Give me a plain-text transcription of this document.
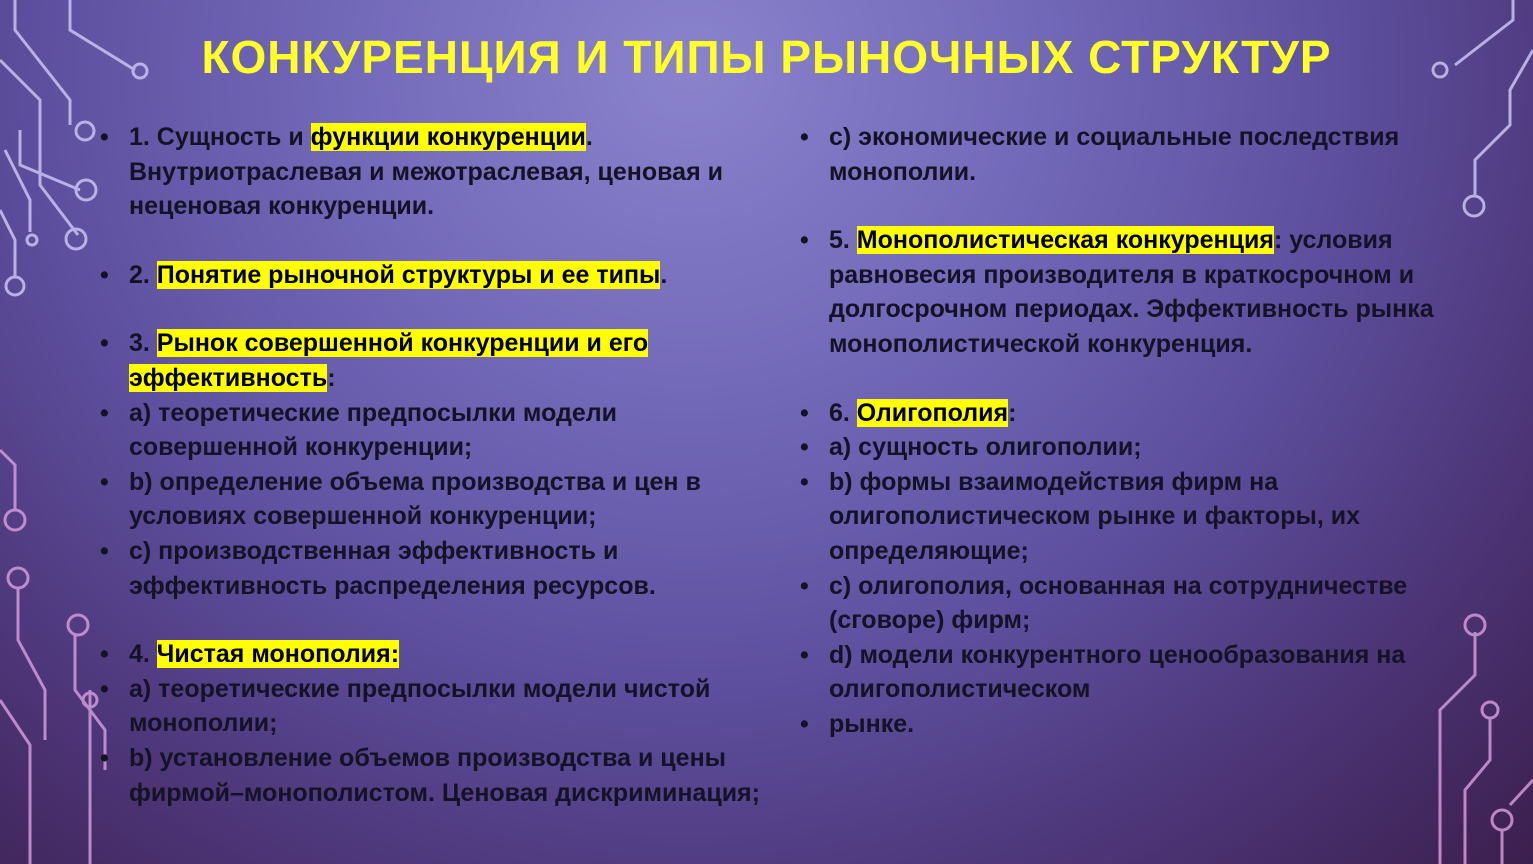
КОНКУРЕНЦИЯ И ТИПЫ РЫНОЧНЫХ СТРУКТУР
• 1. Сущность и функции конкуренции. Внутриотраслевая и межотраслевая, ценовая и неценовая конкуренции.
• 2. Понятие рыночной структуры и ее типы.
• 3. Рынок совершенной конкуренции и его эффективность:
• a) теоретические предпосылки модели совершенной конкуренции;
• b) определение объема производства и цен в условиях совершенной конкуренции;
• c) производственная эффективность и эффективность распределения ресурсов.
• 4. Чистая монополия:
• a) теоретические предпосылки модели чистой монополии;
• b) установление объемов производства и цены фирмой–монополистом. Ценовая дискриминация;
• c) экономические и социальные последствия монополии.
• 5. Монополистическая конкуренция: условия равновесия производителя в краткосрочном и долгосрочном периодах. Эффективность рынка монополистической конкуренция.
• 6. Олигополия:
• a) сущность олигополии;
• b) формы взаимодействия фирм на олигополистическом рынке и факторы, их определяющие;
• c) олигополия, основанная на сотрудничестве (сговоре) фирм;
• d) модели конкурентного ценообразования на олигополистическом
• рынке.
